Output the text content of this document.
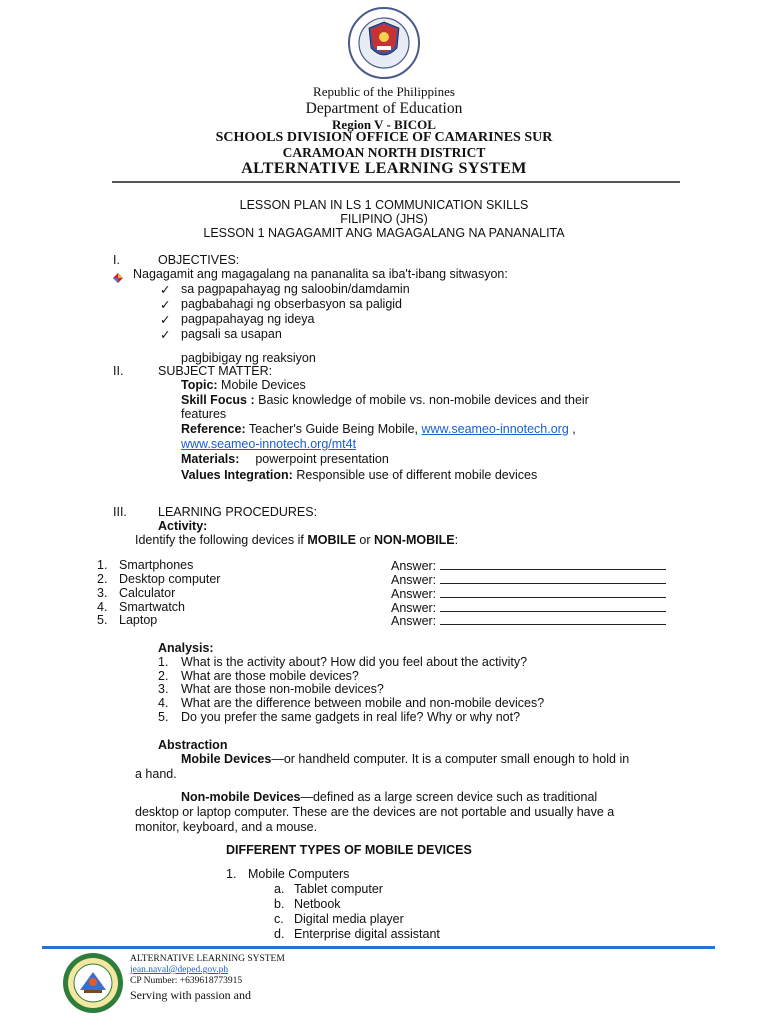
Republic of the Philippines
Department of Education
Region V - BICOL
SCHOOLS DIVISION OFFICE OF CAMARINES SUR
CARAMOAN NORTH DISTRICT
ALTERNATIVE LEARNING SYSTEM
LESSON PLAN IN LS 1 COMMUNICATION SKILLS
FILIPINO (JHS)
LESSON 1 NAGAGAMIT ANG MAGAGALANG NA PANANALITA
I.	OBJECTIVES:
Nagagamit ang magagalang na pananalita sa iba't-ibang sitwasyon:
✓
sa pagpapahayag ng saloobin/damdamin
✓
pagbabahagi ng obserbasyon sa paligid
✓
pagpapahayag ng ideya
✓
pagsali sa usapan
pagbibigay ng reaksiyon
II.	SUBJECT MATTER:
Topic: Mobile Devices
Skill Focus : Basic knowledge of mobile vs. non-mobile devices and their
features
Reference: Teacher's Guide Being Mobile, www.seameo-innotech.org ,
www.seameo-innotech.org/mt4t
Materials: powerpoint presentation
Values Integration: Responsible use of different mobile devices
III. LEARNING PROCEDURES:
Activity:
Identify the following devices if MOBILE or NON-MOBILE:
1. Smartphones	Answer:
2. Desktop computer	Answer:
3. Calculator	Answer:
4. Smartwatch	Answer:
5. Laptop	Answer:
Analysis:
1. What is the activity about? How did you feel about the activity?
2. What are those mobile devices?
3. What are those non-mobile devices?
4. What are the difference between mobile and non-mobile devices?
5. Do you prefer the same gadgets in real life? Why or why not?
Abstraction
Mobile Devices—or handheld computer. It is a computer small enough to hold in
a hand.
Non-mobile Devices—defined as a large screen device such as traditional
desktop or laptop computer. These are the devices are not portable and usually have a
monitor, keyboard, and a mouse.
DIFFERENT TYPES OF MOBILE DEVICES
1. Mobile Computers
a. Tablet computer
b. Netbook
c. Digital media player
d. Enterprise digital assistant
ALTERNATIVE LEARNING SYSTEM
jean.naval@deped.gov.ph
CP Number: +639618773915
Serving with passion and
